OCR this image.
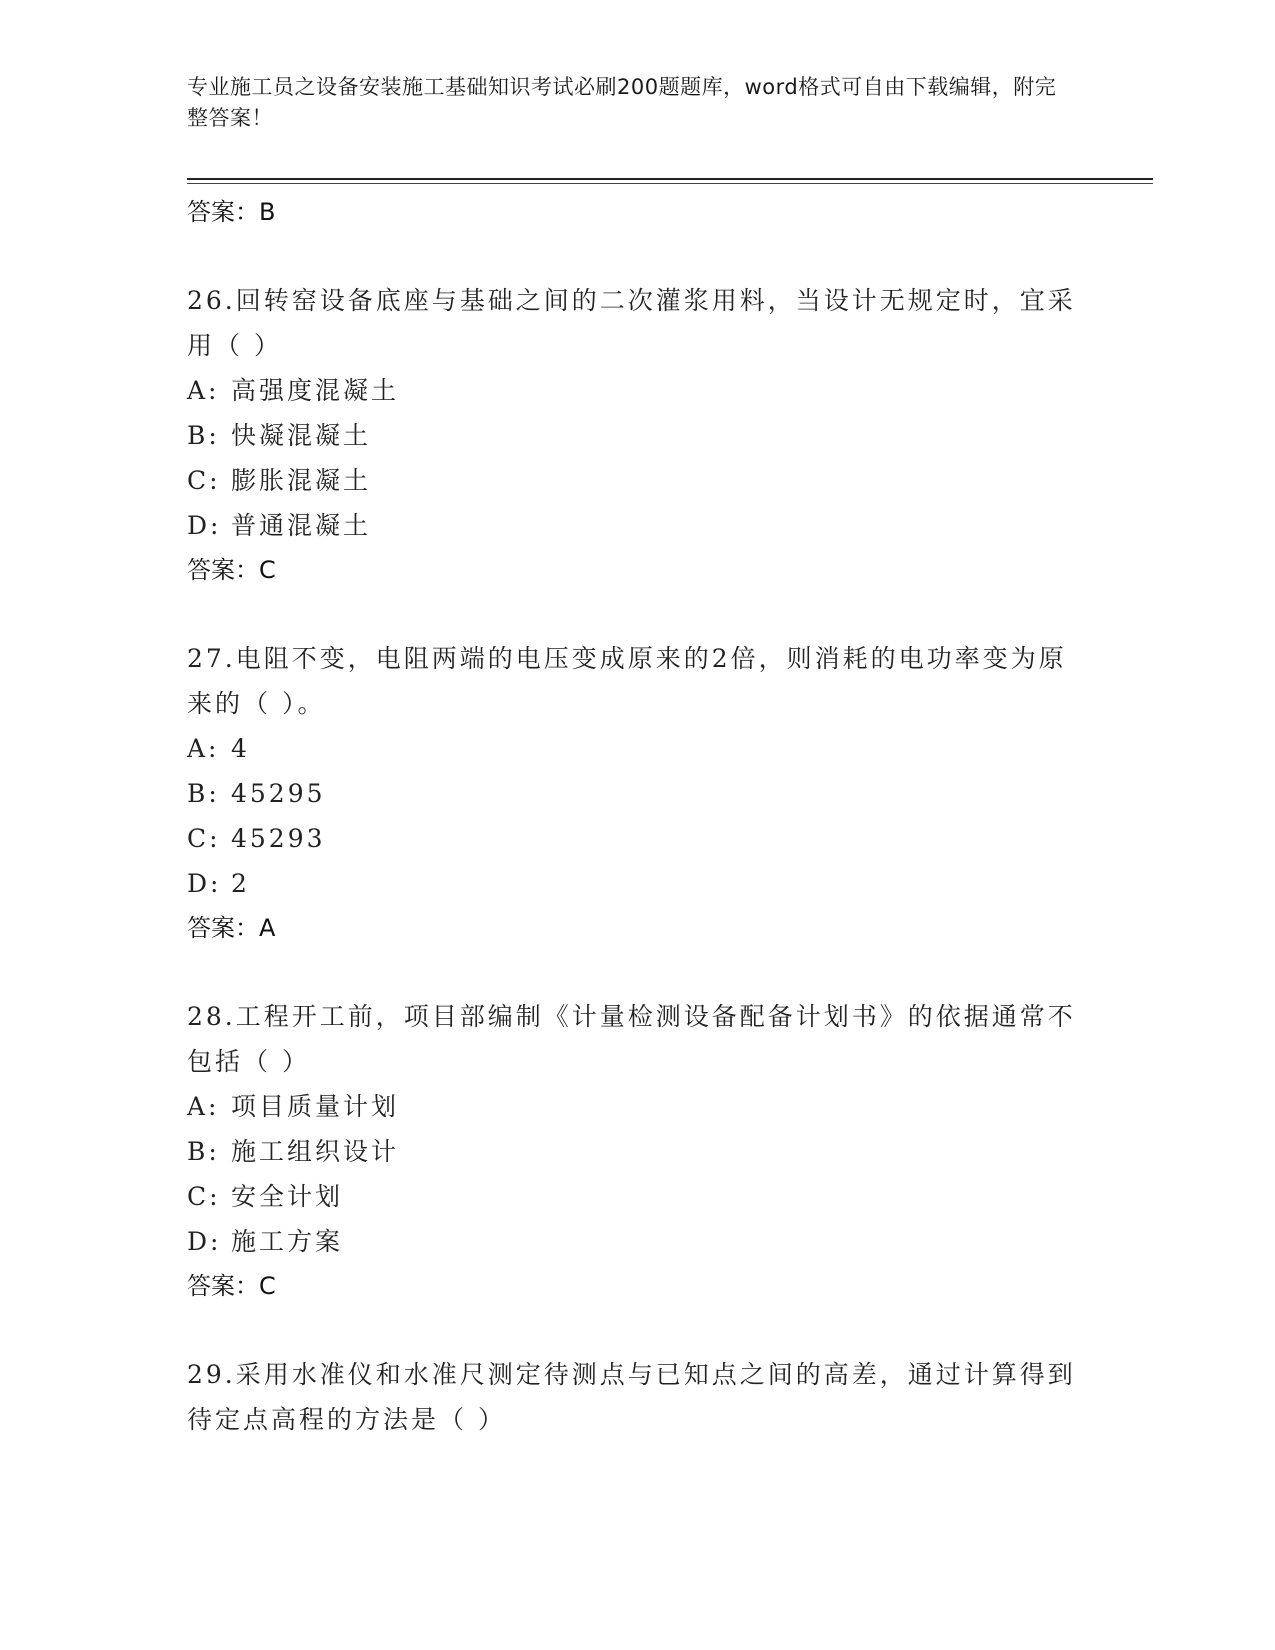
专业施工员之设备安装施工基础知识考试必刷200题题库，word格式可自由下载编辑，附完整答案！
答案：B
26.回转窑设备底座与基础之间的二次灌浆用料，当设计无规定时，宜采用（ ）
A: 高强度混凝土
B: 快凝混凝土
C: 膨胀混凝土
D: 普通混凝土
答案：C
27.电阻不变，电阻两端的电压变成原来的2倍，则消耗的电功率变为原来的（ ）。
A: 4
B: 45295
C: 45293
D: 2
答案：A
28.工程开工前，项目部编制《计量检测设备配备计划书》的依据通常不包括（ ）
A: 项目质量计划
B: 施工组织设计
C: 安全计划
D: 施工方案
答案：C
29.采用水准仪和水准尺测定待测点与已知点之间的高差，通过计算得到待定点高程的方法是（ ）
